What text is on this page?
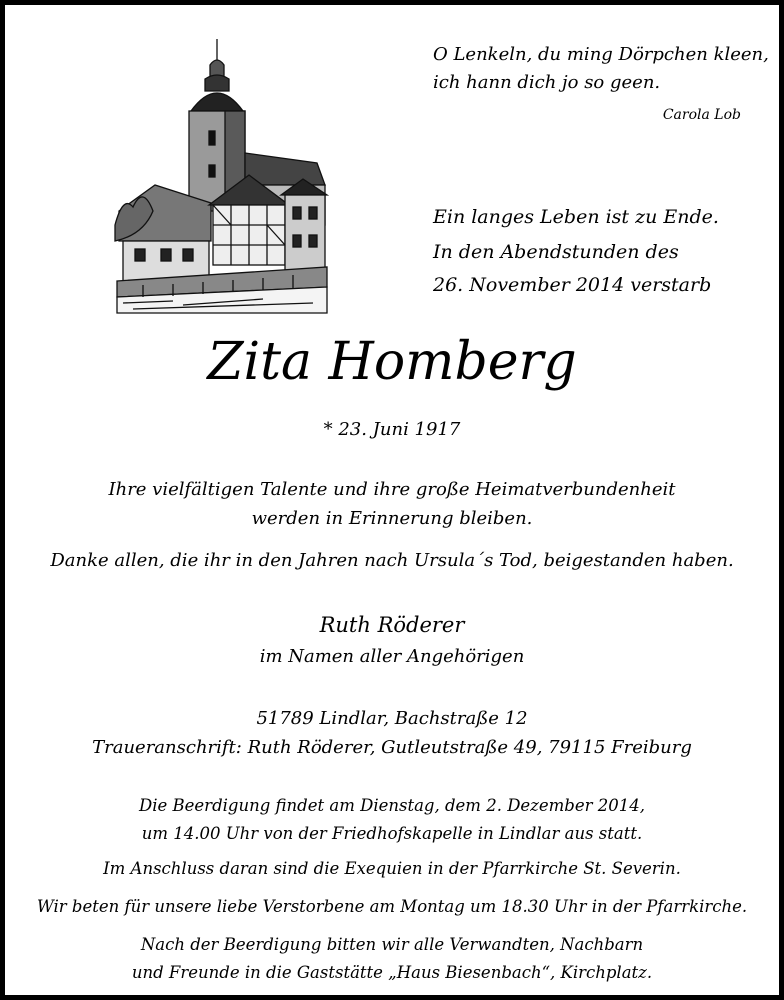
O Lenkeln, du ming Dörpchen kleen,
ich hann dich jo so geen.
Carola Lob
Ein langes Leben ist zu Ende.
In den Abendstunden des
26. November 2014 verstarb
Zita Homberg
* 23. Juni 1917
Ihre vielfältigen Talente und ihre große Heimatverbundenheit
werden in Erinnerung bleiben.
Danke allen, die ihr in den Jahren nach Ursula´s Tod, beigestanden haben.
Ruth Röderer
im Namen aller Angehörigen
51789 Lindlar, Bachstraße 12
Traueranschrift: Ruth Röderer, Gutleutstraße 49, 79115 Freiburg
Die Beerdigung findet am Dienstag, dem 2. Dezember 2014,
um 14.00 Uhr von der Friedhofskapelle in Lindlar aus statt.
Im Anschluss daran sind die Exequien in der Pfarrkirche St. Severin.
Wir beten für unsere liebe Verstorbene am Montag um 18.30 Uhr in der Pfarrkirche.
Nach der Beerdigung bitten wir alle Verwandten, Nachbarn
und Freunde in die Gaststätte „Haus Biesenbach“, Kirchplatz.
